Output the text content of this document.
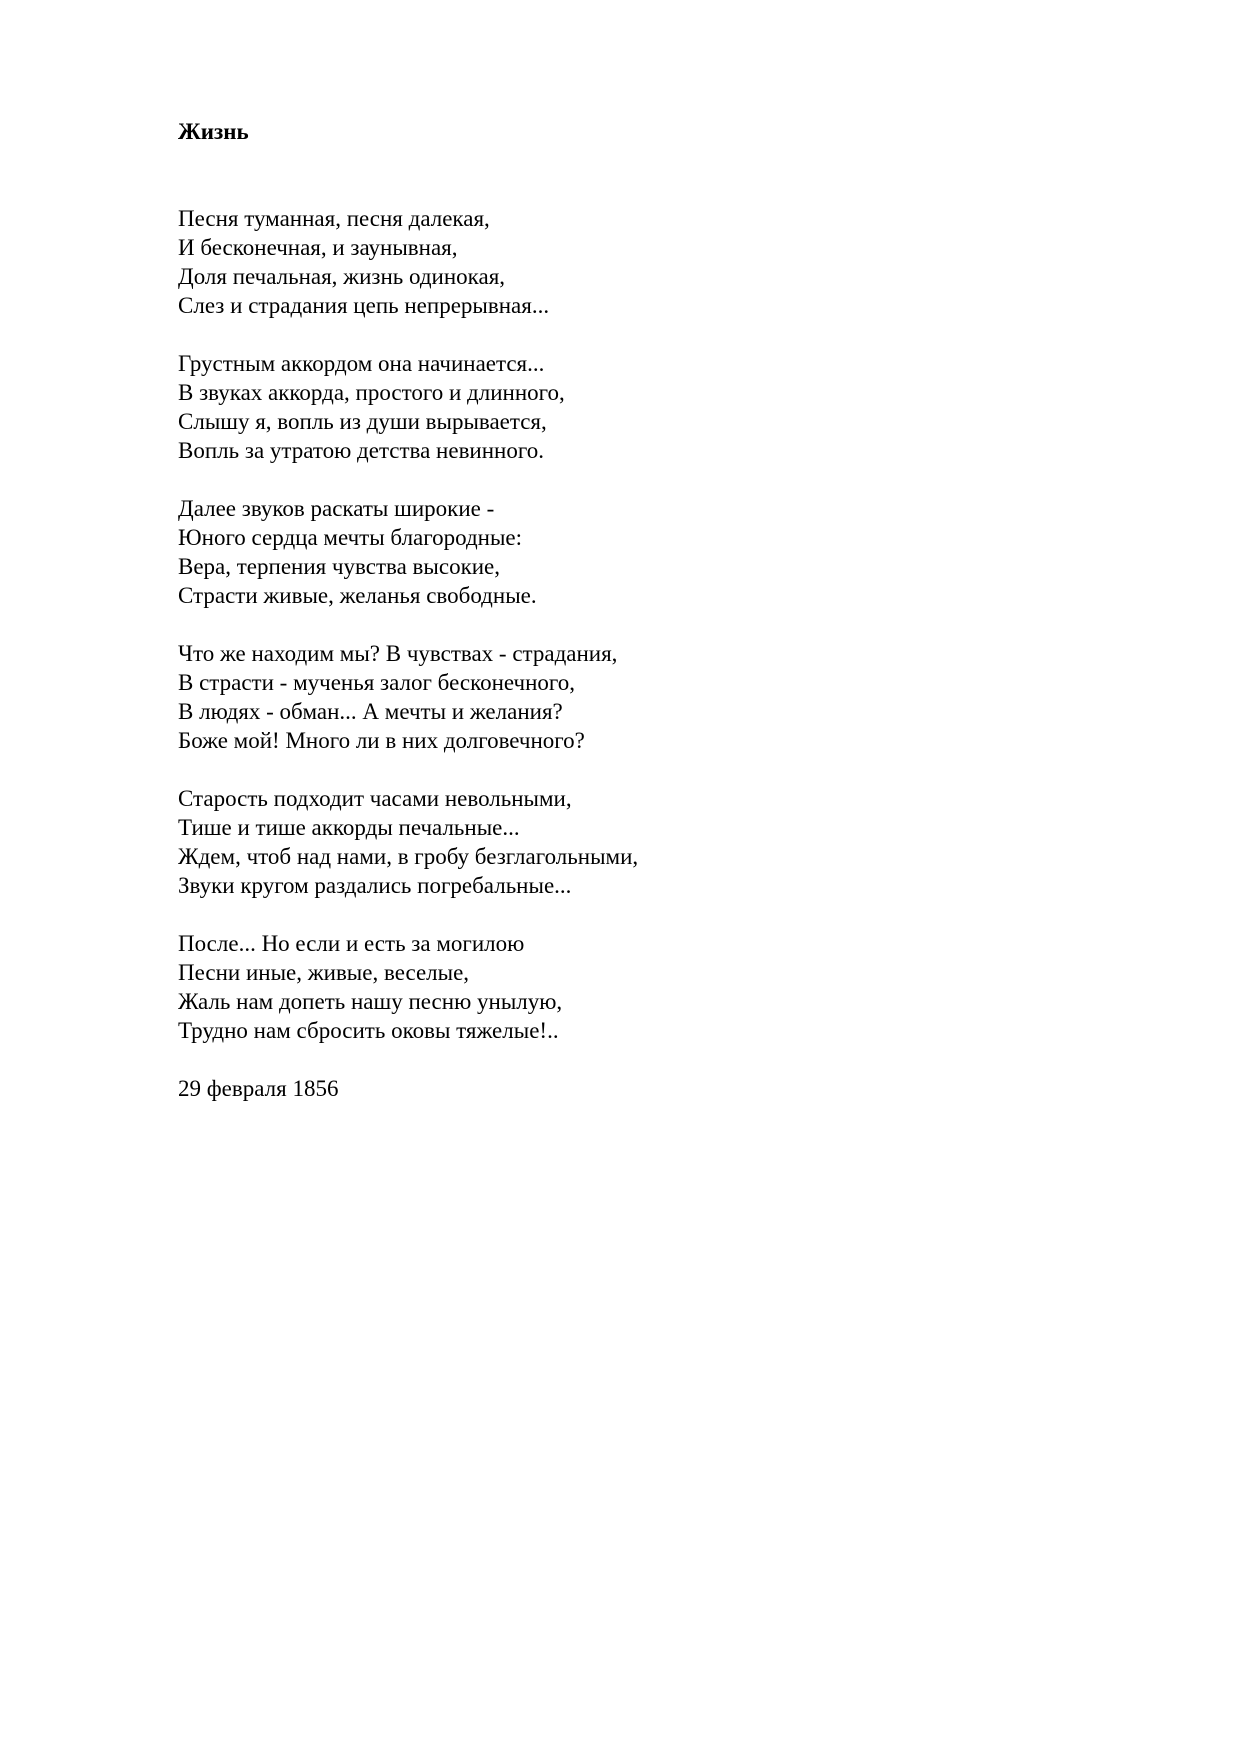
Жизнь
Песня туманная, песня далекая,
И бесконечная, и заунывная,
Доля печальная, жизнь одинокая,
Слез и страдания цепь непрерывная...
Грустным аккордом она начинается...
В звуках аккорда, простого и длинного,
Слышу я, вопль из души вырывается,
Вопль за утратою детства невинного.
Далее звуков раскаты широкие -
Юного сердца мечты благородные:
Вера, терпения чувства высокие,
Страсти живые, желанья свободные.
Что же находим мы? В чувствах - страдания,
В страсти - мученья залог бесконечного,
В людях - обман... А мечты и желания?
Боже мой! Много ли в них долговечного?
Старость подходит часами невольными,
Тише и тише аккорды печальные...
Ждем, чтоб над нами, в гробу безглагольными,
Звуки кругом раздались погребальные...
После... Но если и есть за могилою
Песни иные, живые, веселые,
Жаль нам допеть нашу песню унылую,
Трудно нам сбросить оковы тяжелые!..
29 февраля 1856
